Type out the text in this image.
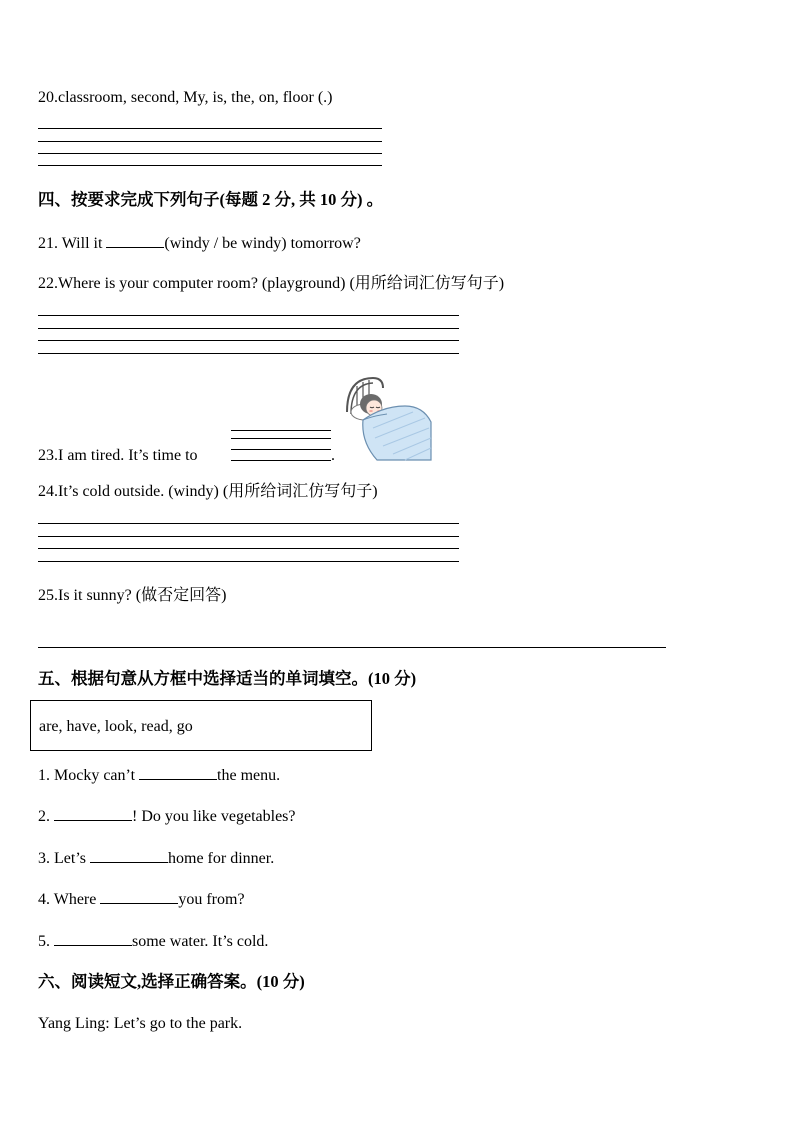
20.classroom, second, My, is, the, on, floor (.)
四、按要求完成下列句子(每题 2 分, 共 10 分) 。
21. Will it	(windy / be windy) tomorrow?
22.Where is your computer room? (playground) (用所给词汇仿写句子)
23.I am tired. It’s time to	.
24.It’s cold outside. (windy) (用所给词汇仿写句子)
25.Is it sunny? (做否定回答)
五、根据句意从方框中选择适当的单词填空。(10 分)
are, have, look, read, go
1. Mocky can’t	the menu.
2.	! Do you like vegetables?
3. Let’s	home for dinner.
4. Where	you from?
5.	some water. It’s cold.
六、阅读短文,选择正确答案。(10 分)
Yang Ling: Let’s go to the park.
